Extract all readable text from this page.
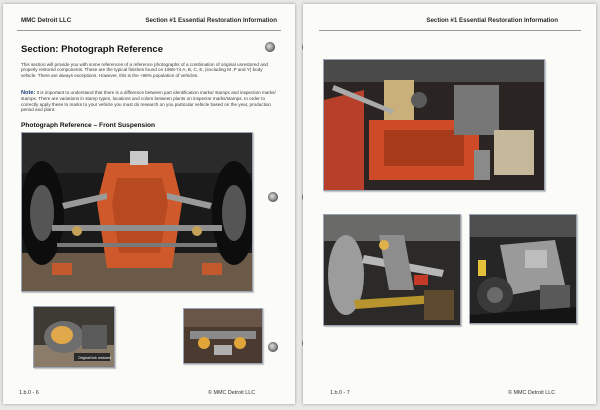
MMC Detroit LLC	Section #1 Essential Restoration Information
Section: Photograph Reference
This section will provide you with some references of a reference photographs of a combination of original unrestored and properly restored components. These are the typical finishes found on 1968-74 A, B, C, E, (excluding M ,P and Y) body vehicle. There are always exceptions. However, this is the +98% population of vehicles.
Note: It is important to understand that there is a difference between part identification marks/ stamps and inspection marks/ stamps. There are variations in stamp types, locations and colors between plants on inspector marks/stamps. In order to correctly apply these to marks to your vehicle you must do research on you particular vehicle based on the year, production period and plant.
Photograph Reference – Front Suspension
Original link restored
1.b.0 - 6	© MMC Detroit LLC
Section #1 Essential Restoration Information
1.b.0 - 7	© MMC Detroit LLC
